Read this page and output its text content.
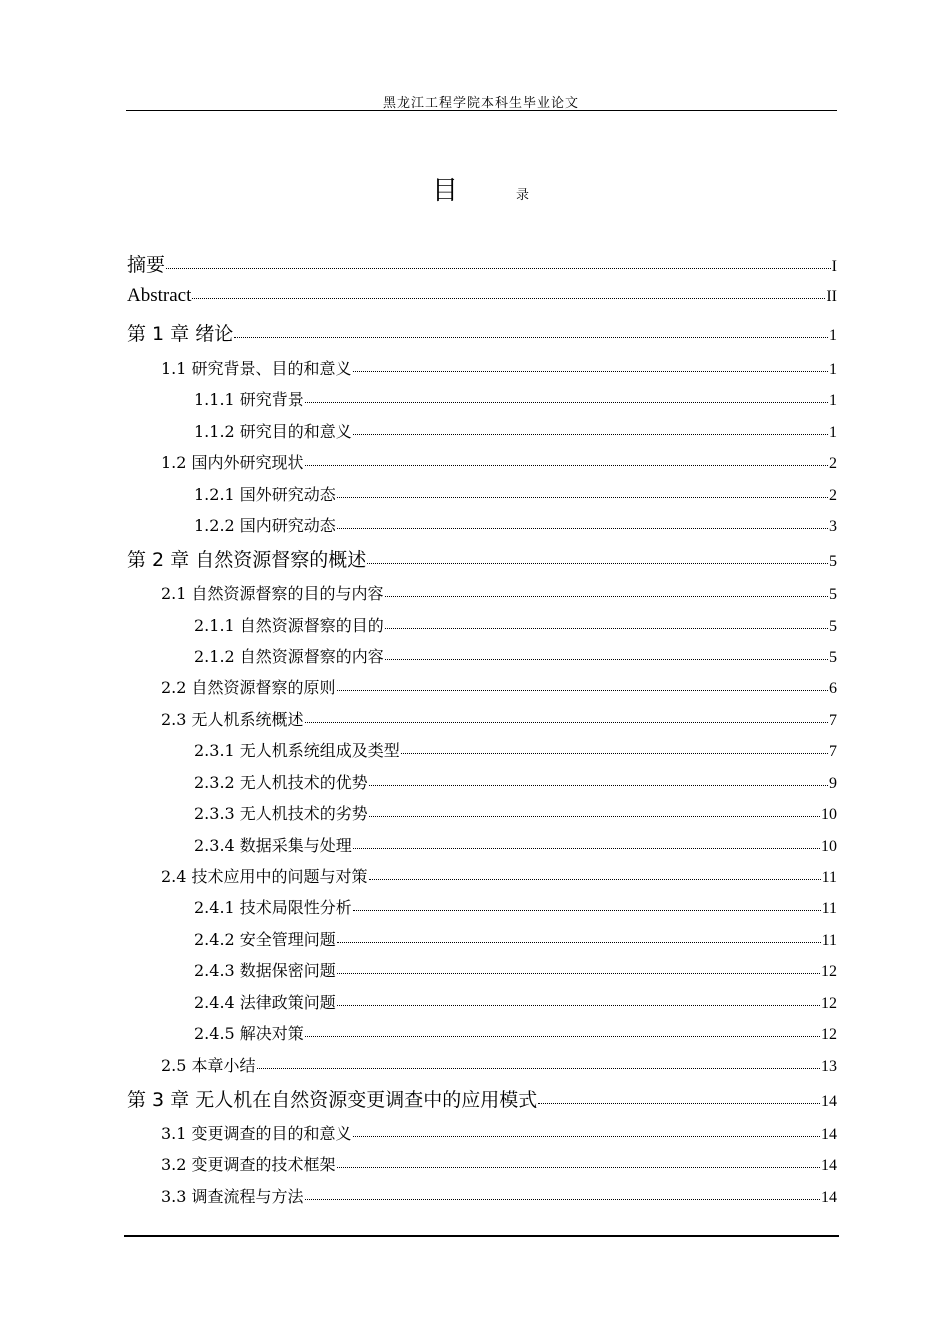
黑龙江工程学院本科生毕业论文
目	录
摘要	I
Abstract	II
第 1 章 绪论	1
1.1 研究背景、目的和意义	1
1.1.1 研究背景	1
1.1.2 研究目的和意义	1
1.2 国内外研究现状	2
1.2.1 国外研究动态	2
1.2.2 国内研究动态	3
第 2 章 自然资源督察的概述	5
2.1 自然资源督察的目的与内容	5
2.1.1 自然资源督察的目的	5
2.1.2 自然资源督察的内容	5
2.2 自然资源督察的原则	6
2.3 无人机系统概述	7
2.3.1 无人机系统组成及类型	7
2.3.2 无人机技术的优势	9
2.3.3 无人机技术的劣势	10
2.3.4 数据采集与处理	10
2.4 技术应用中的问题与对策	11
2.4.1 技术局限性分析	11
2.4.2 安全管理问题	11
2.4.3 数据保密问题	12
2.4.4 法律政策问题	12
2.4.5 解决对策	12
2.5 本章小结	13
第 3 章 无人机在自然资源变更调查中的应用模式	14
3.1 变更调查的目的和意义	14
3.2 变更调查的技术框架	14
3.3 调查流程与方法	14
